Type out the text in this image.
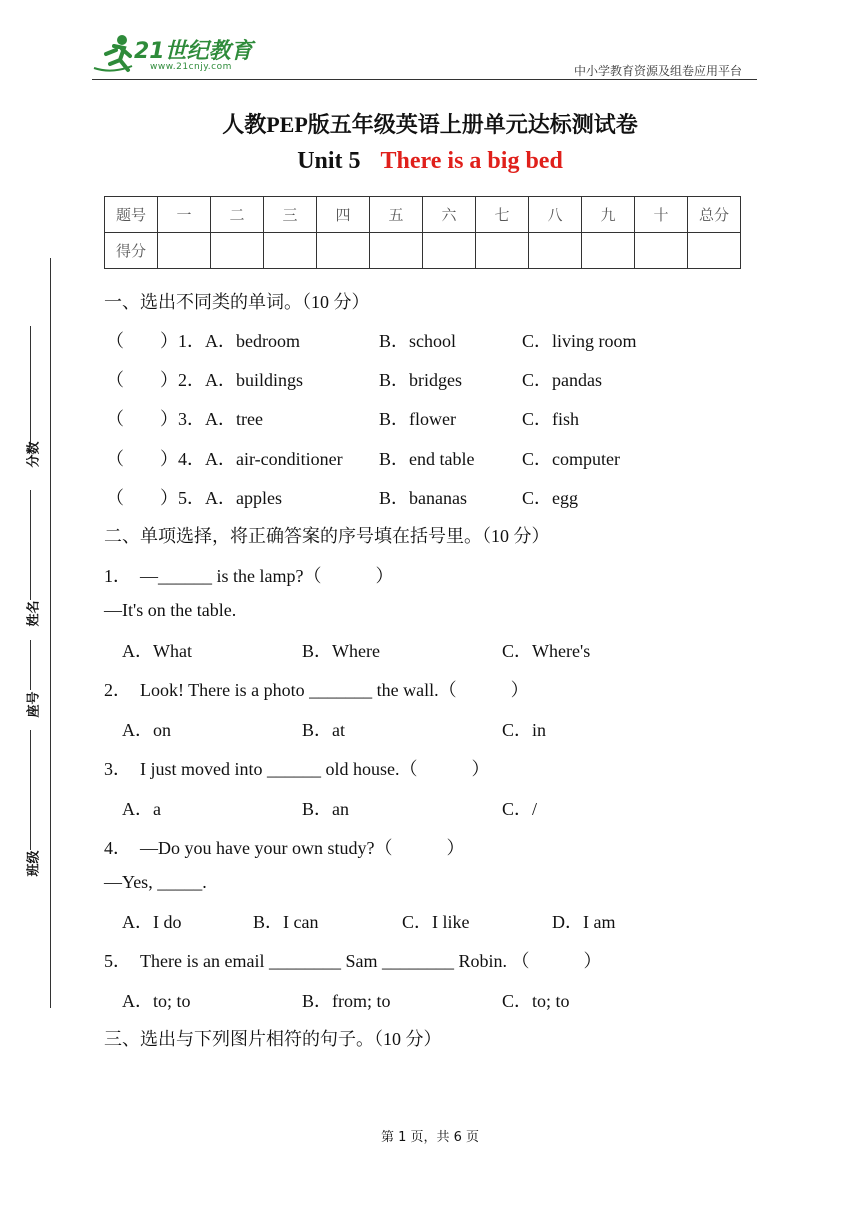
21世纪教育
www.21cnjy.com	中小学教育资源及组卷应用平台
人教PEP版五年级英语上册单元达标测试卷
Unit 5 There is a big bed
题号	一	二	三	四	五	六	七	八	九	十	总分
得分											
分数
姓名
座号
班级
一、选出不同类的单词。（10 分）
（　　）1．A．bedroom	B．school	C．living room
（　　）2．A．buildings	B．bridges	C．pandas
（　　）3．A．tree	B．flower	C．fish
（　　）4．A．air-conditioner B．end table	C．computer
（　　）5．A．apples	B．bananas	C．egg
二、单项选择，将正确答案的序号填在括号里。（10 分）
1．　—______ is the lamp?（　　　）
—It's on the table.
A．What	B．Where	C．Where's
2．　Look! There is a photo _______ the wall.（　　　）
A．on	B．at	C．in
3．　I just moved into ______ old house.（　　　）
A．a	B．an	C．/
4．　—Do you have your own study?（　　　）
—Yes, _____.
A．I do	B．I can	C．I like	D．I am
5．　There is an email ________ Sam ________ Robin. （　　　）
A．to; to	B．from; to	C．to; to
三、选出与下列图片相符的句子。（10 分）
第 1 页，共 6 页
